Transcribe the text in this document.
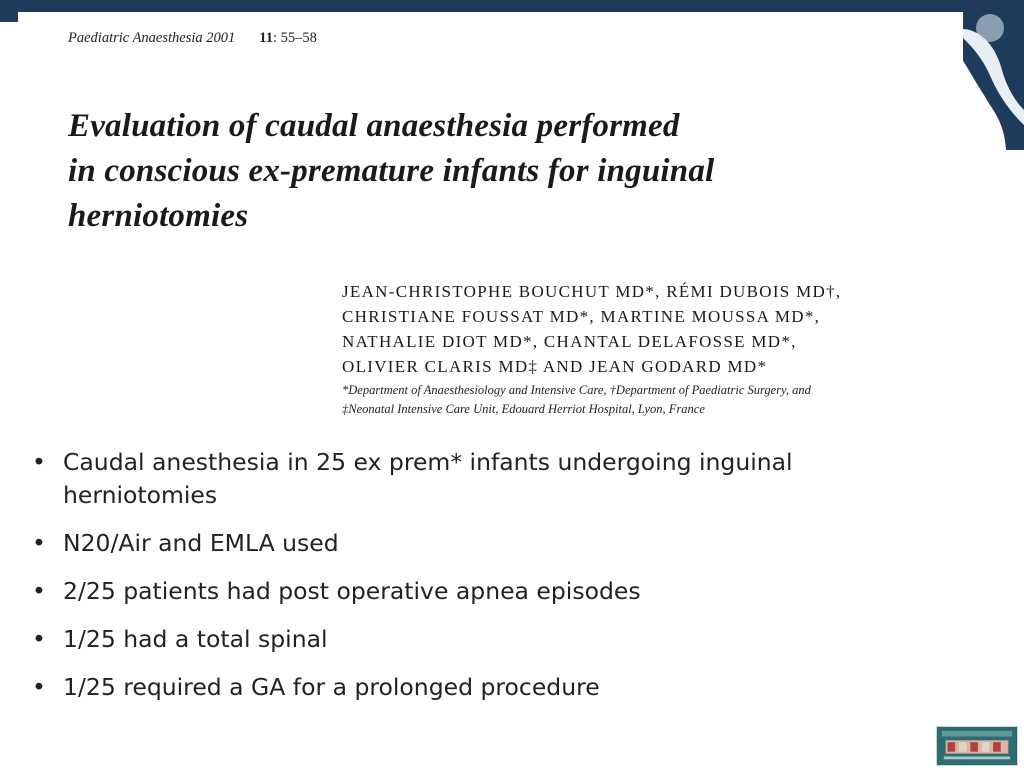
Paediatric Anaesthesia 2001 11: 55–58
Evaluation of caudal anaesthesia performed
in conscious ex-premature infants for inguinal
herniotomies
JEAN-CHRISTOPHE BOUCHUT MD*, RÉMI DUBOIS MD†,
CHRISTIANE FOUSSAT MD*, MARTINE MOUSSA MD*,
NATHALIE DIOT MD*, CHANTAL DELAFOSSE MD*,
OLIVIER CLARIS MD‡ AND JEAN GODARD MD*
*Department of Anaesthesiology and Intensive Care, †Department of Paediatric Surgery, and
‡Neonatal Intensive Care Unit, Edouard Herriot Hospital, Lyon, France
• Caudal anesthesia in 25 ex prem* infants undergoing inguinal herniotomies
• N20/Air and EMLA used
• 2/25 patients had post operative apnea episodes
• 1/25 had a total spinal
• 1/25 required a GA for a prolonged procedure
